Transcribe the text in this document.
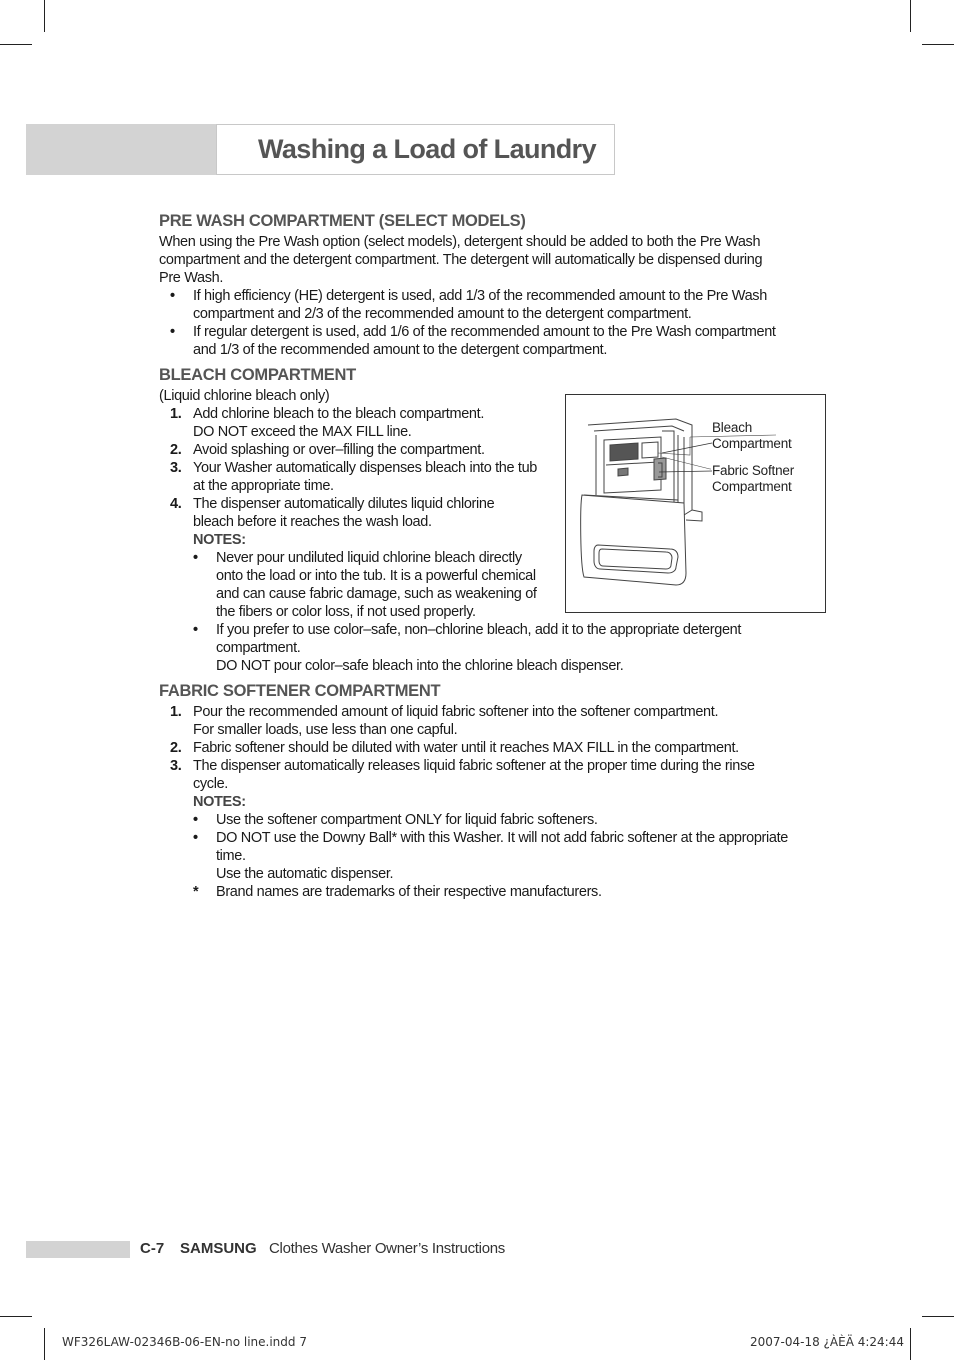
Washing a Load of Laundry
PRE WASH COMPARTMENT (SELECT MODELS)

When using the Pre Wash option (select models), detergent should be added to both the Pre Wash

compartment and the detergent compartment. The detergent will automatically be dispensed during

Pre Wash.

• If high efficiency (HE) detergent is used, add 1/3 of the recommended amount to the Pre Wash
compartment and 2/3 of the recommended amount to the detergent compartment.
• If regular detergent is used, add 1/6 of the recommended amount to the Pre Wash compartment
and 1/3 of the recommended amount to the detergent compartment.
BLEACH COMPARTMENT

(Liquid chlorine bleach only)

1. Add chlorine bleach to the bleach compartment.
DO NOT exceed the MAX FILL line.
2. Avoid splashing or over–filling the compartment.
3. Your Washer automatically dispenses bleach into the tub
at the appropriate time.
4. The dispenser automatically dilutes liquid chlorine
bleach before it reaches the wash load.
NOTES:
• Never pour undiluted liquid chlorine bleach directly
onto the load or into the tub. It is a powerful chemical
and can cause fabric damage, such as weakening of
the fibers or color loss, if not used properly.
• If you prefer to use color–safe, non–chlorine bleach, add it to the appropriate detergent
compartment.
DO NOT pour color–safe bleach into the chlorine bleach dispenser.
FABRIC SOFTENER COMPARTMENT
1. Pour the recommended amount of liquid fabric softener into the softener compartment.
For smaller loads, use less than one capful.
2. Fabric softener should be diluted with water until it reaches MAX FILL in the compartment.
3. The dispenser automatically releases liquid fabric softener at the proper time during the rinse
cycle.
NOTES:
• Use the softener compartment ONLY for liquid fabric softeners.
• DO NOT use the Downy Ball* with this Washer. It will not add fabric softener at the appropriate
time.
Use the automatic dispenser.
* Brand names are trademarks of their respective manufacturers.
Bleach
Compartment
Fabric Softner
Compartment
C-7 SAMSUNG Clothes Washer Owner’s Instructions
WF326LAW-02346B-06-EN-no line.indd 7	2007-04-18 ¿ÀÈÄ 4:24:44
